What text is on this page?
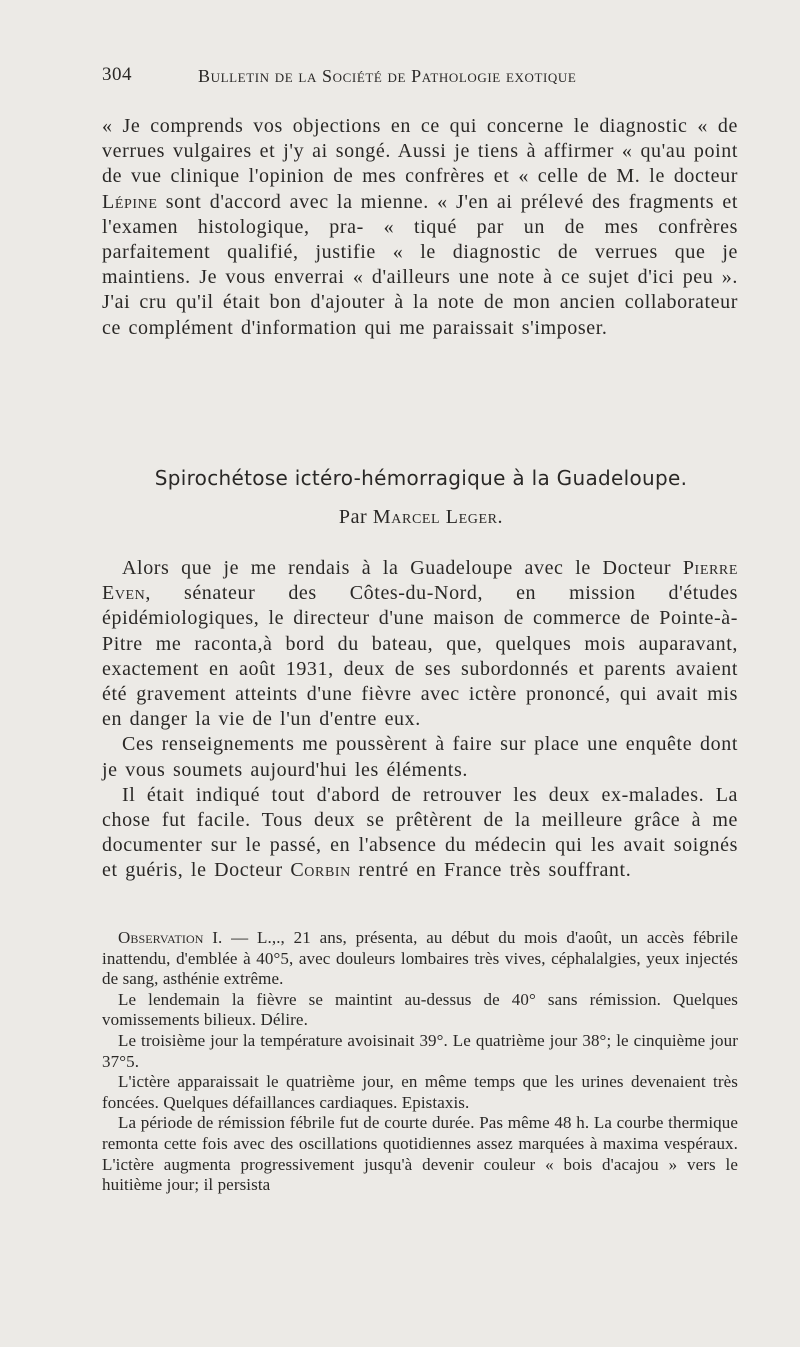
304	Bulletin de la Société de Pathologie exotique

« Je comprends vos objections en ce qui concerne le diagnostic « de verrues vulgaires et j'y ai songé. Aussi je tiens à affirmer « qu'au point de vue clinique l'opinion de mes confrères et « celle de M. le docteur Lépine sont d'accord avec la mienne. « J'en ai prélevé des fragments et l'examen histologique, pra- « tiqué par un de mes confrères parfaitement qualifié, justifie « le diagnostic de verrues que je maintiens. Je vous enverrai « d'ailleurs une note à ce sujet d'ici peu ». J'ai cru qu'il était bon d'ajouter à la note de mon ancien collaborateur ce complément d'information qui me paraissait s'imposer.

Spirochétose ictéro-hémorragique à la Guadeloupe.
Par Marcel Leger.

Alors que je me rendais à la Guadeloupe avec le Docteur Pierre Even, sénateur des Côtes-du-Nord, en mission d'études épidémiologiques, le directeur d'une maison de commerce de Pointe-à-Pitre me raconta,à bord du bateau, que, quelques mois auparavant, exactement en août 1931, deux de ses subordonnés et parents avaient été gravement atteints d'une fièvre avec ictère prononcé, qui avait mis en danger la vie de l'un d'entre eux.

Ces renseignements me poussèrent à faire sur place une enquête dont je vous soumets aujourd'hui les éléments.

Il était indiqué tout d'abord de retrouver les deux ex-malades. La chose fut facile. Tous deux se prêtèrent de la meilleure grâce à me documenter sur le passé, en l'absence du médecin qui les avait soignés et guéris, le Docteur Corbin rentré en France très souffrant.

Observation I. — L.,., 21 ans, présenta, au début du mois d'août, un accès fébrile inattendu, d'emblée à 40°5, avec douleurs lombaires très vives, céphalalgies, yeux injectés de sang, asthénie extrême.

Le lendemain la fièvre se maintint au-dessus de 40° sans rémission. Quelques vomissements bilieux. Délire.

Le troisième jour la température avoisinait 39°. Le quatrième jour 38°; le cinquième jour 37°5.

L'ictère apparaissait le quatrième jour, en même temps que les urines devenaient très foncées. Quelques défaillances cardiaques. Epistaxis.

La période de rémission fébrile fut de courte durée. Pas même 48 h. La courbe thermique remonta cette fois avec des oscillations quotidiennes assez marquées à maxima vespéraux. L'ictère augmenta progressivement jusqu'à devenir couleur « bois d'acajou » vers le huitième jour; il persista
